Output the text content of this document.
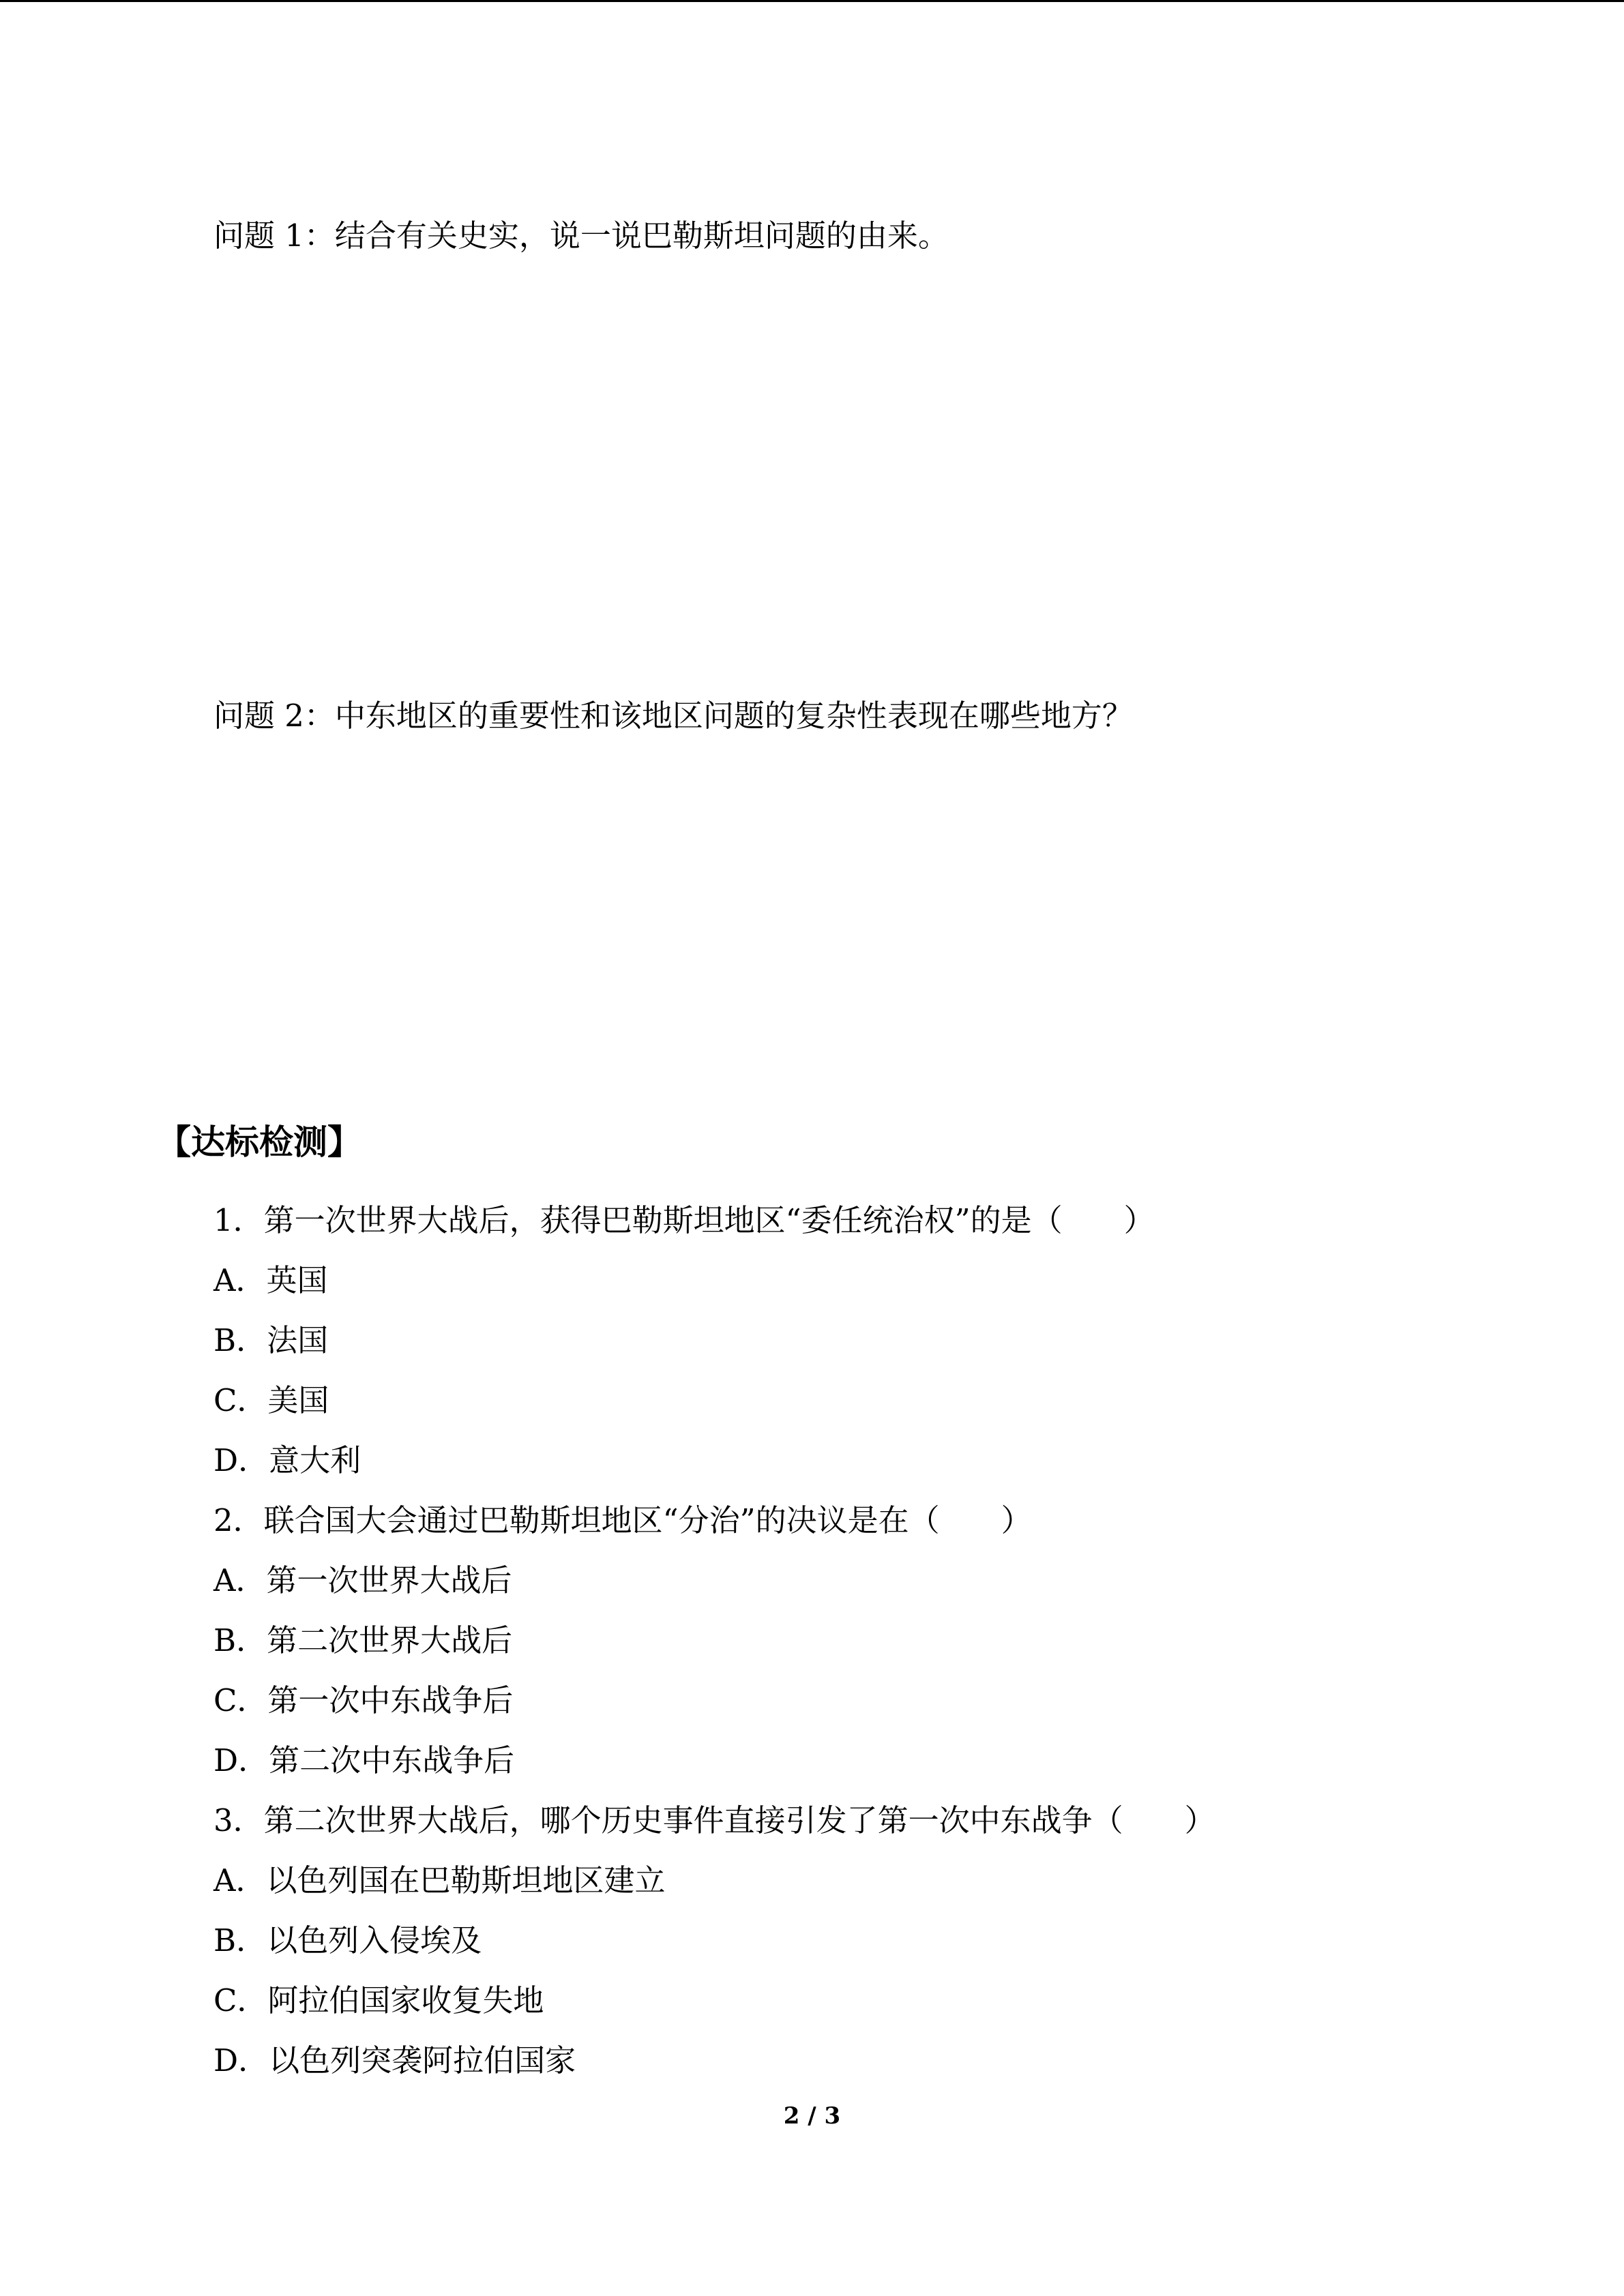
问题 1：结合有关史实，说一说巴勒斯坦问题的由来。
问题 2：中东地区的重要性和该地区问题的复杂性表现在哪些地方？
【达标检测】
1．第一次世界大战后，获得巴勒斯坦地区“委任统治权”的是（　　）
A．英国
B．法国
C．美国
D．意大利
2．联合国大会通过巴勒斯坦地区“分治”的决议是在（　　）
A．第一次世界大战后
B．第二次世界大战后
C．第一次中东战争后
D．第二次中东战争后
3．第二次世界大战后，哪个历史事件直接引发了第一次中东战争（　　）
A．以色列国在巴勒斯坦地区建立
B．以色列入侵埃及
C．阿拉伯国家收复失地
D．以色列突袭阿拉伯国家
2 / 3
